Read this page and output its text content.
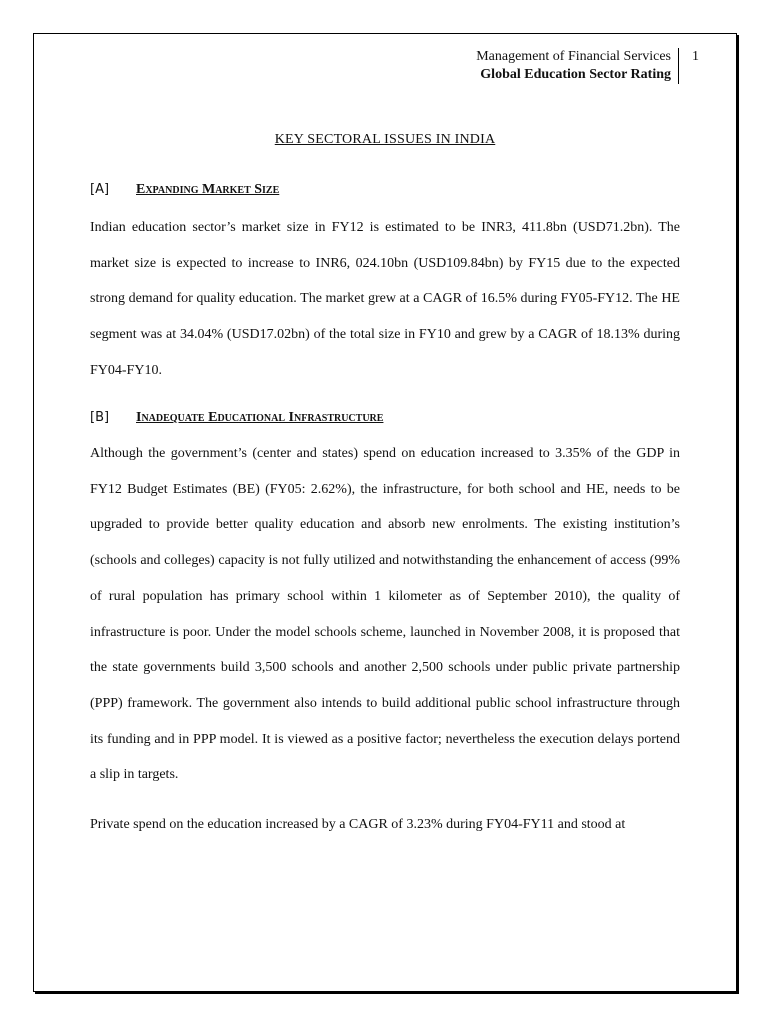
Management of Financial Services
Global Education Sector Rating
1
KEY SECTORAL ISSUES IN INDIA
[A] Expanding Market Size

Indian education sector’s market size in FY12 is estimated to be INR3, 411.8bn (USD71.2bn). The market size is expected to increase to INR6, 024.10bn (USD109.84bn) by FY15 due to the expected strong demand for quality education. The market grew at a CAGR of 16.5% during FY05-FY12. The HE segment was at 34.04% (USD17.02bn) of the total size in FY10 and grew by a CAGR of 18.13% during FY04-FY10.

[B] Inadequate Educational Infrastructure

Although the government’s (center and states) spend on education increased to 3.35% of the GDP in FY12 Budget Estimates (BE) (FY05: 2.62%), the infrastructure, for both school and HE, needs to be upgraded to provide better quality education and absorb new enrolments. The existing institution’s (schools and colleges) capacity is not fully utilized and notwithstanding the enhancement of access (99% of rural population has primary school within 1 kilometer as of September 2010), the quality of infrastructure is poor. Under the model schools scheme, launched in November 2008, it is proposed that the state governments build 3,500 schools and another 2,500 schools under public private partnership (PPP) framework. The government also intends to build additional public school infrastructure through its funding and in PPP model. It is viewed as a positive factor; nevertheless the execution delays portend a slip in targets.

Private spend on the education increased by a CAGR of 3.23% during FY04-FY11 and stood at
